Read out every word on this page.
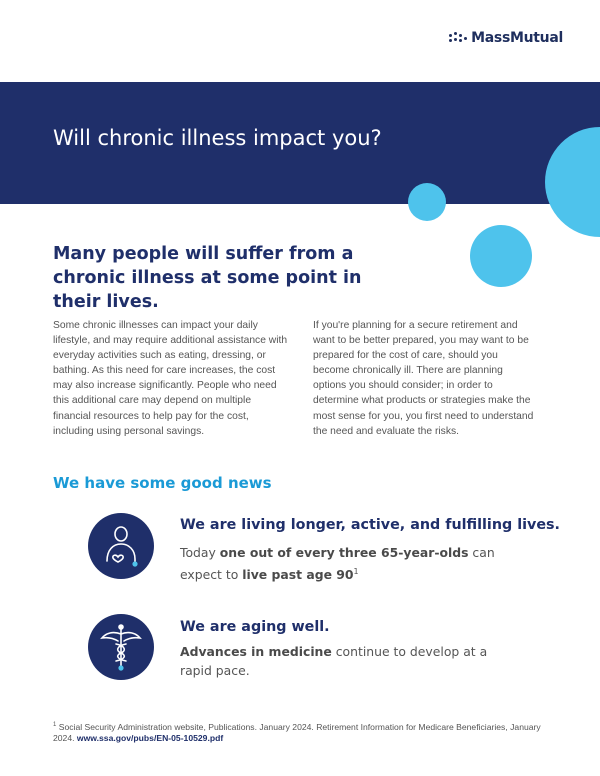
MassMutual
Will chronic illness impact you?
Many people will suffer from a chronic illness at some point in their lives.

Some chronic illnesses can impact your daily lifestyle, and may require additional assistance with everyday activities such as eating, dressing, or bathing. As this need for care increases, the cost may also increase significantly. People who need this additional care may depend on multiple financial resources to help pay for the cost, including using personal savings.

If you're planning for a secure retirement and want to be better prepared, you may want to be prepared for the cost of care, should you become chronically ill. There are planning options you should consider; in order to determine what products or strategies make the most sense for you, you first need to understand the need and evaluate the risks.

We have some good news
We are living longer, active, and fulfilling lives.

Today one out of every three 65-year-olds can expect to live past age $90^1$

We are aging well.

Advances in medicine continue to develop at a rapid pace.

$^1$ Social Security Administration website, Publications. January 2024. Retirement Information for Medicare Beneficiaries, January 2024. www.ssa.gov/pubs/EN-05-10529.pdf
